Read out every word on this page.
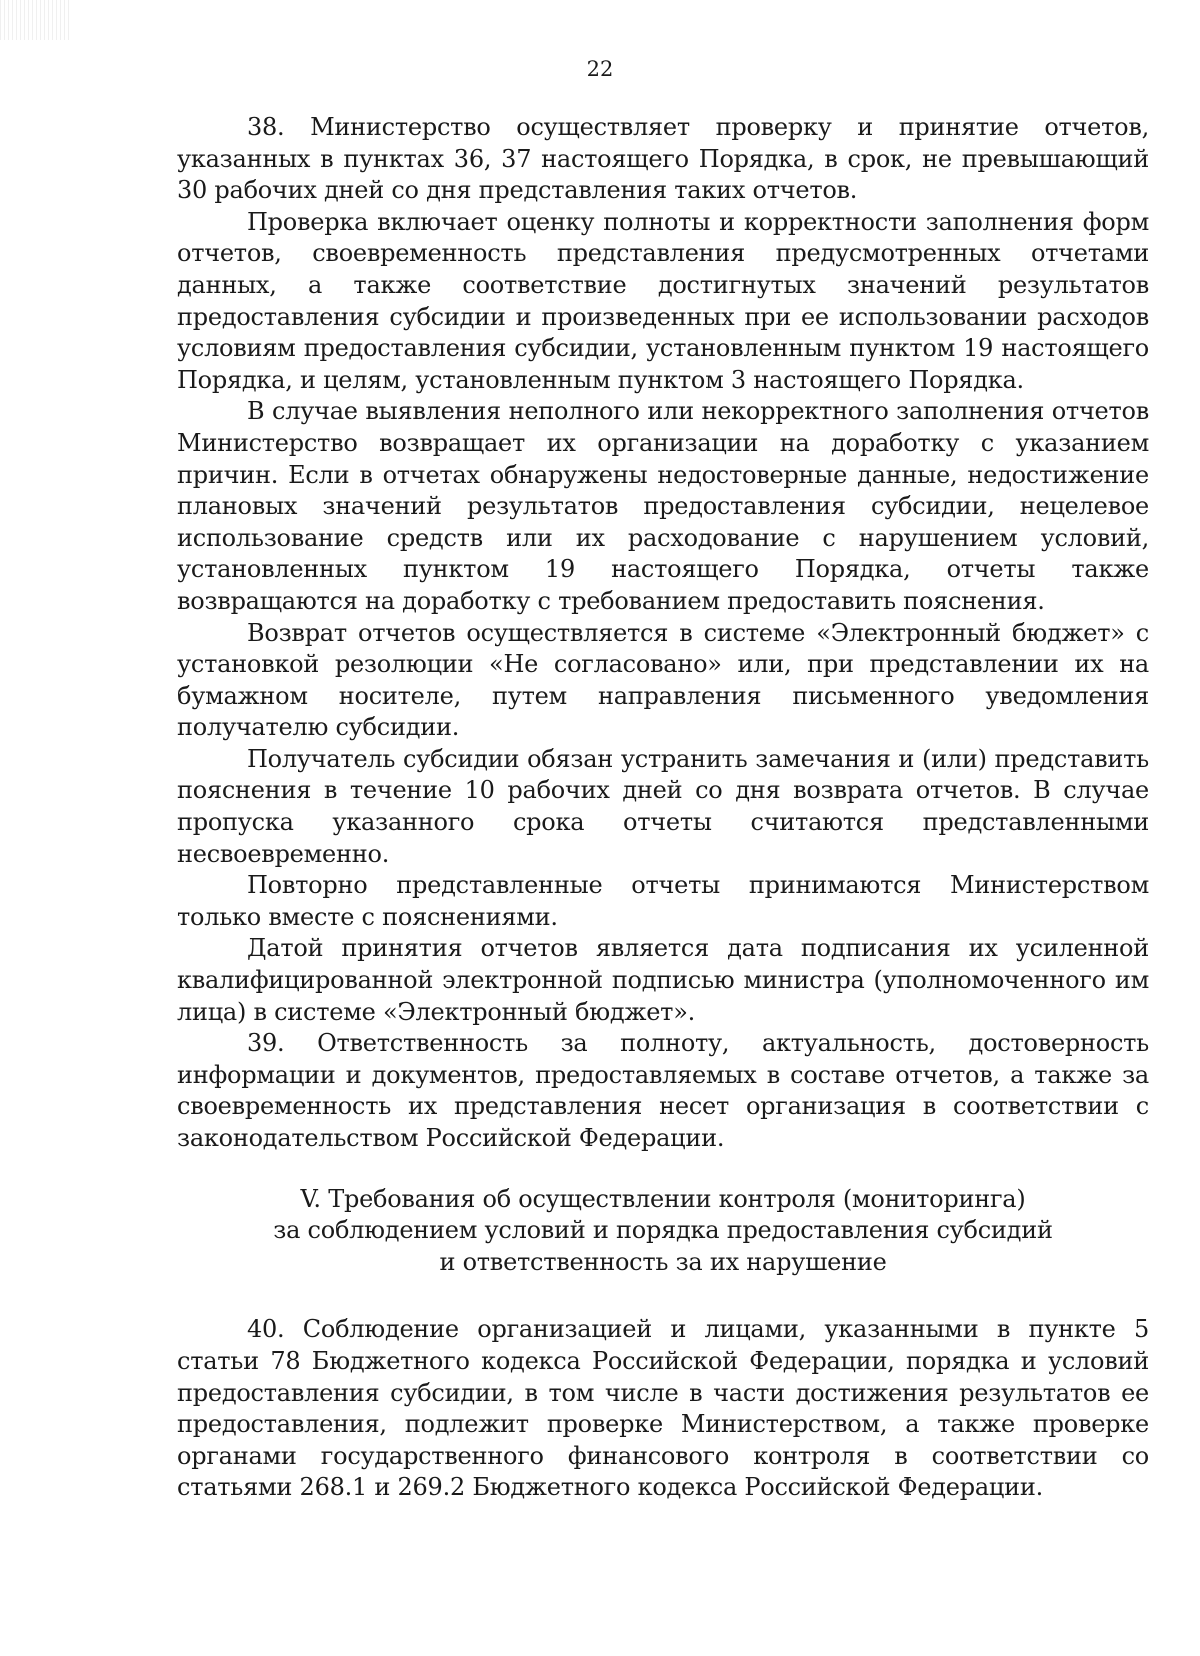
22

38. Министерство осуществляет проверку и принятие отчетов, указанных в пунктах 36, 37 настоящего Порядка, в срок, не превышающий 30 рабочих дней со дня представления таких отчетов.

Проверка включает оценку полноты и корректности заполнения форм отчетов, своевременность представления предусмотренных отчетами данных, а также соответствие достигнутых значений результатов предоставления субсидии и произведенных при ее использовании расходов условиям предоставления субсидии, установленным пунктом 19 настоящего Порядка, и целям, установленным пунктом 3 настоящего Порядка.

В случае выявления неполного или некорректного заполнения отчетов Министерство возвращает их организации на доработку с указанием причин. Если в отчетах обнаружены недостоверные данные, недостижение плановых значений результатов предоставления субсидии, нецелевое использование средств или их расходование с нарушением условий, установленных пунктом 19 настоящего Порядка, отчеты также возвращаются на доработку с требованием предоставить пояснения.

Возврат отчетов осуществляется в системе «Электронный бюджет» с установкой резолюции «Не согласовано» или, при представлении их на бумажном носителе, путем направления письменного уведомления получателю субсидии.

Получатель субсидии обязан устранить замечания и (или) представить пояснения в течение 10 рабочих дней со дня возврата отчетов. В случае пропуска указанного срока отчеты считаются представленными несвоевременно.

Повторно представленные отчеты принимаются Министерством только вместе с пояснениями.

Датой принятия отчетов является дата подписания их усиленной квалифицированной электронной подписью министра (уполномоченного им лица) в системе «Электронный бюджет».

39. Ответственность за полноту, актуальность, достоверность информации и документов, предоставляемых в составе отчетов, а также за своевременность их представления несет организация в соответствии с законодательством Российской Федерации.

V. Требования об осуществлении контроля (мониторинга)
за соблюдением условий и порядка предоставления субсидий
и ответственность за их нарушение

40. Соблюдение организацией и лицами, указанными в пункте 5 статьи 78 Бюджетного кодекса Российской Федерации, порядка и условий предоставления субсидии, в том числе в части достижения результатов ее предоставления, подлежит проверке Министерством, а также проверке органами государственного финансового контроля в соответствии со статьями 268.1 и 269.2 Бюджетного кодекса Российской Федерации.
